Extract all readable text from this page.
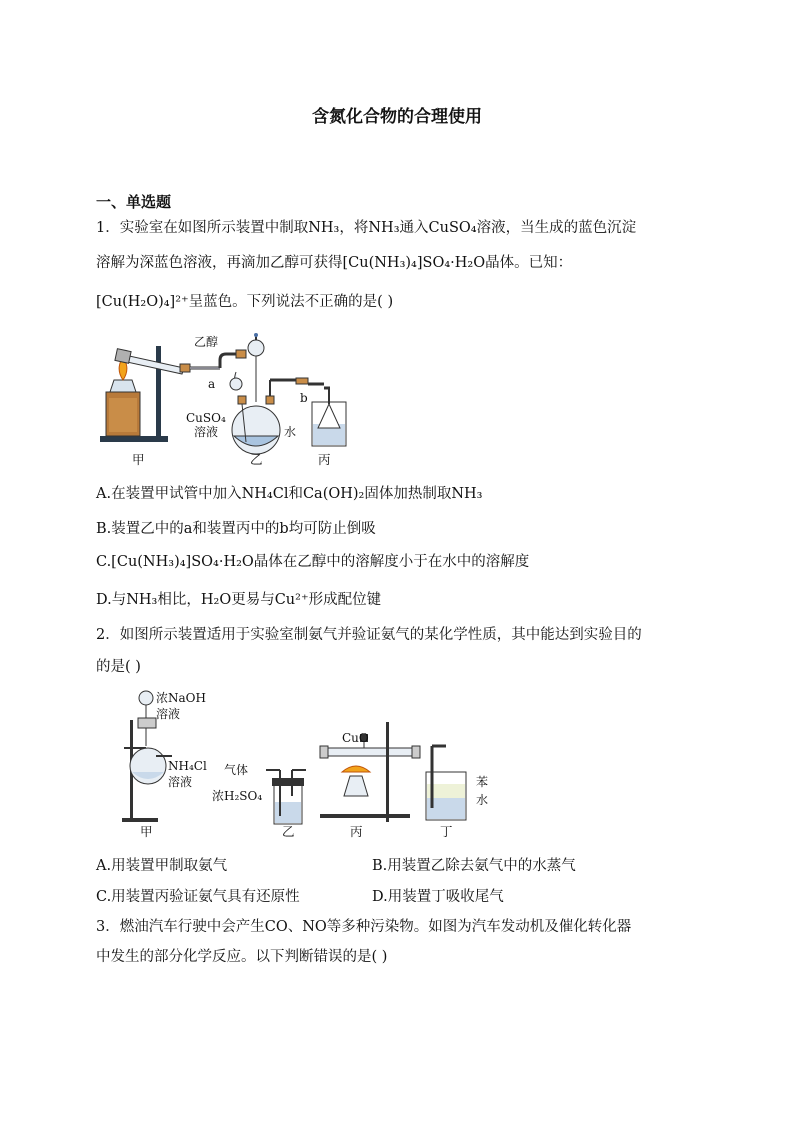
含氮化合物的合理使用
一、单选题
1．实验室在如图所示装置中制取NH₃，将NH₃通入CuSO₄溶液，当生成的蓝色沉淀
溶解为深蓝色溶液，再滴加乙醇可获得[Cu(NH₃)₄]SO₄·H₂O晶体。已知：
[Cu(H₂O)₄]²⁺呈蓝色。下列说法不正确的是( )
乙醇
a
b
CuSO₄
溶液	水
甲	乙	丙
A.在装置甲试管中加入NH₄Cl和Ca(OH)₂固体加热制取NH₃
B.装置乙中的a和装置丙中的b均可防止倒吸
C.[Cu(NH₃)₄]SO₄·H₂O晶体在乙醇中的溶解度小于在水中的溶解度
D.与NH₃相比，H₂O更易与Cu²⁺形成配位键
2．如图所示装置适用于实验室制氨气并验证氨气的某化学性质，其中能达到实验目的
的是( )
浓NaOH
溶液
NH₄Cl
溶液
气体
浓H₂SO₄
CuO
苯
水
甲	乙	丙	丁
A.用装置甲制取氨气	B.用装置乙除去氨气中的水蒸气
C.用装置丙验证氨气具有还原性	D.用装置丁吸收尾气
3．燃油汽车行驶中会产生CO、NO等多种污染物。如图为汽车发动机及催化转化器
中发生的部分化学反应。以下判断错误的是( )
